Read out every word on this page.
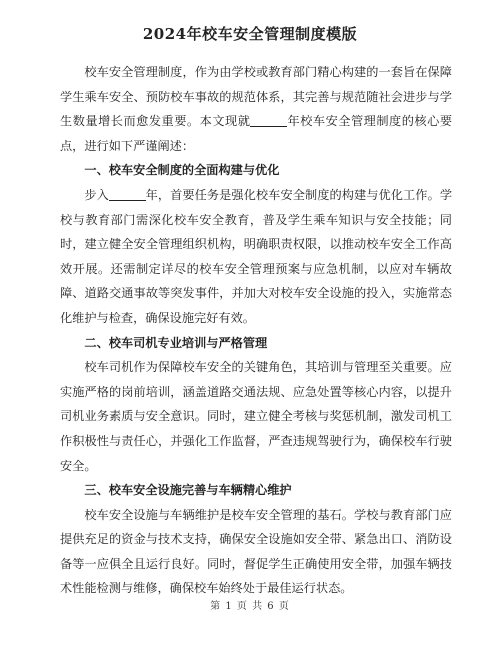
2024年校车安全管理制度模版

校车安全管理制度，作为由学校或教育部门精心构建的一套旨在保障学生乘车安全、预防校车事故的规范体系，其完善与规范随社会进步与学生数量增长而愈发重要。本文现就	年校车安全管理制度的核心要点，进行如下严谨阐述：

一、校车安全制度的全面构建与优化

步入	年，首要任务是强化校车安全制度的构建与优化工作。学校与教育部门需深化校车安全教育，普及学生乘车知识与安全技能；同时，建立健全安全管理组织机构，明确职责权限，以推动校车安全工作高效开展。还需制定详尽的校车安全管理预案与应急机制，以应对车辆故障、道路交通事故等突发事件，并加大对校车安全设施的投入，实施常态化维护与检查，确保设施完好有效。

二、校车司机专业培训与严格管理

校车司机作为保障校车安全的关键角色，其培训与管理至关重要。应实施严格的岗前培训，涵盖道路交通法规、应急处置等核心内容，以提升司机业务素质与安全意识。同时，建立健全考核与奖惩机制，激发司机工作积极性与责任心，并强化工作监督，严查违规驾驶行为，确保校车行驶安全。

三、校车安全设施完善与车辆精心维护

校车安全设施与车辆维护是校车安全管理的基石。学校与教育部门应提供充足的资金与技术支持，确保安全设施如安全带、紧急出口、消防设备等一应俱全且运行良好。同时，督促学生正确使用安全带，加强车辆技术性能检测与维修，确保校车始终处于最佳运行状态。

第 1 页 共 6 页
